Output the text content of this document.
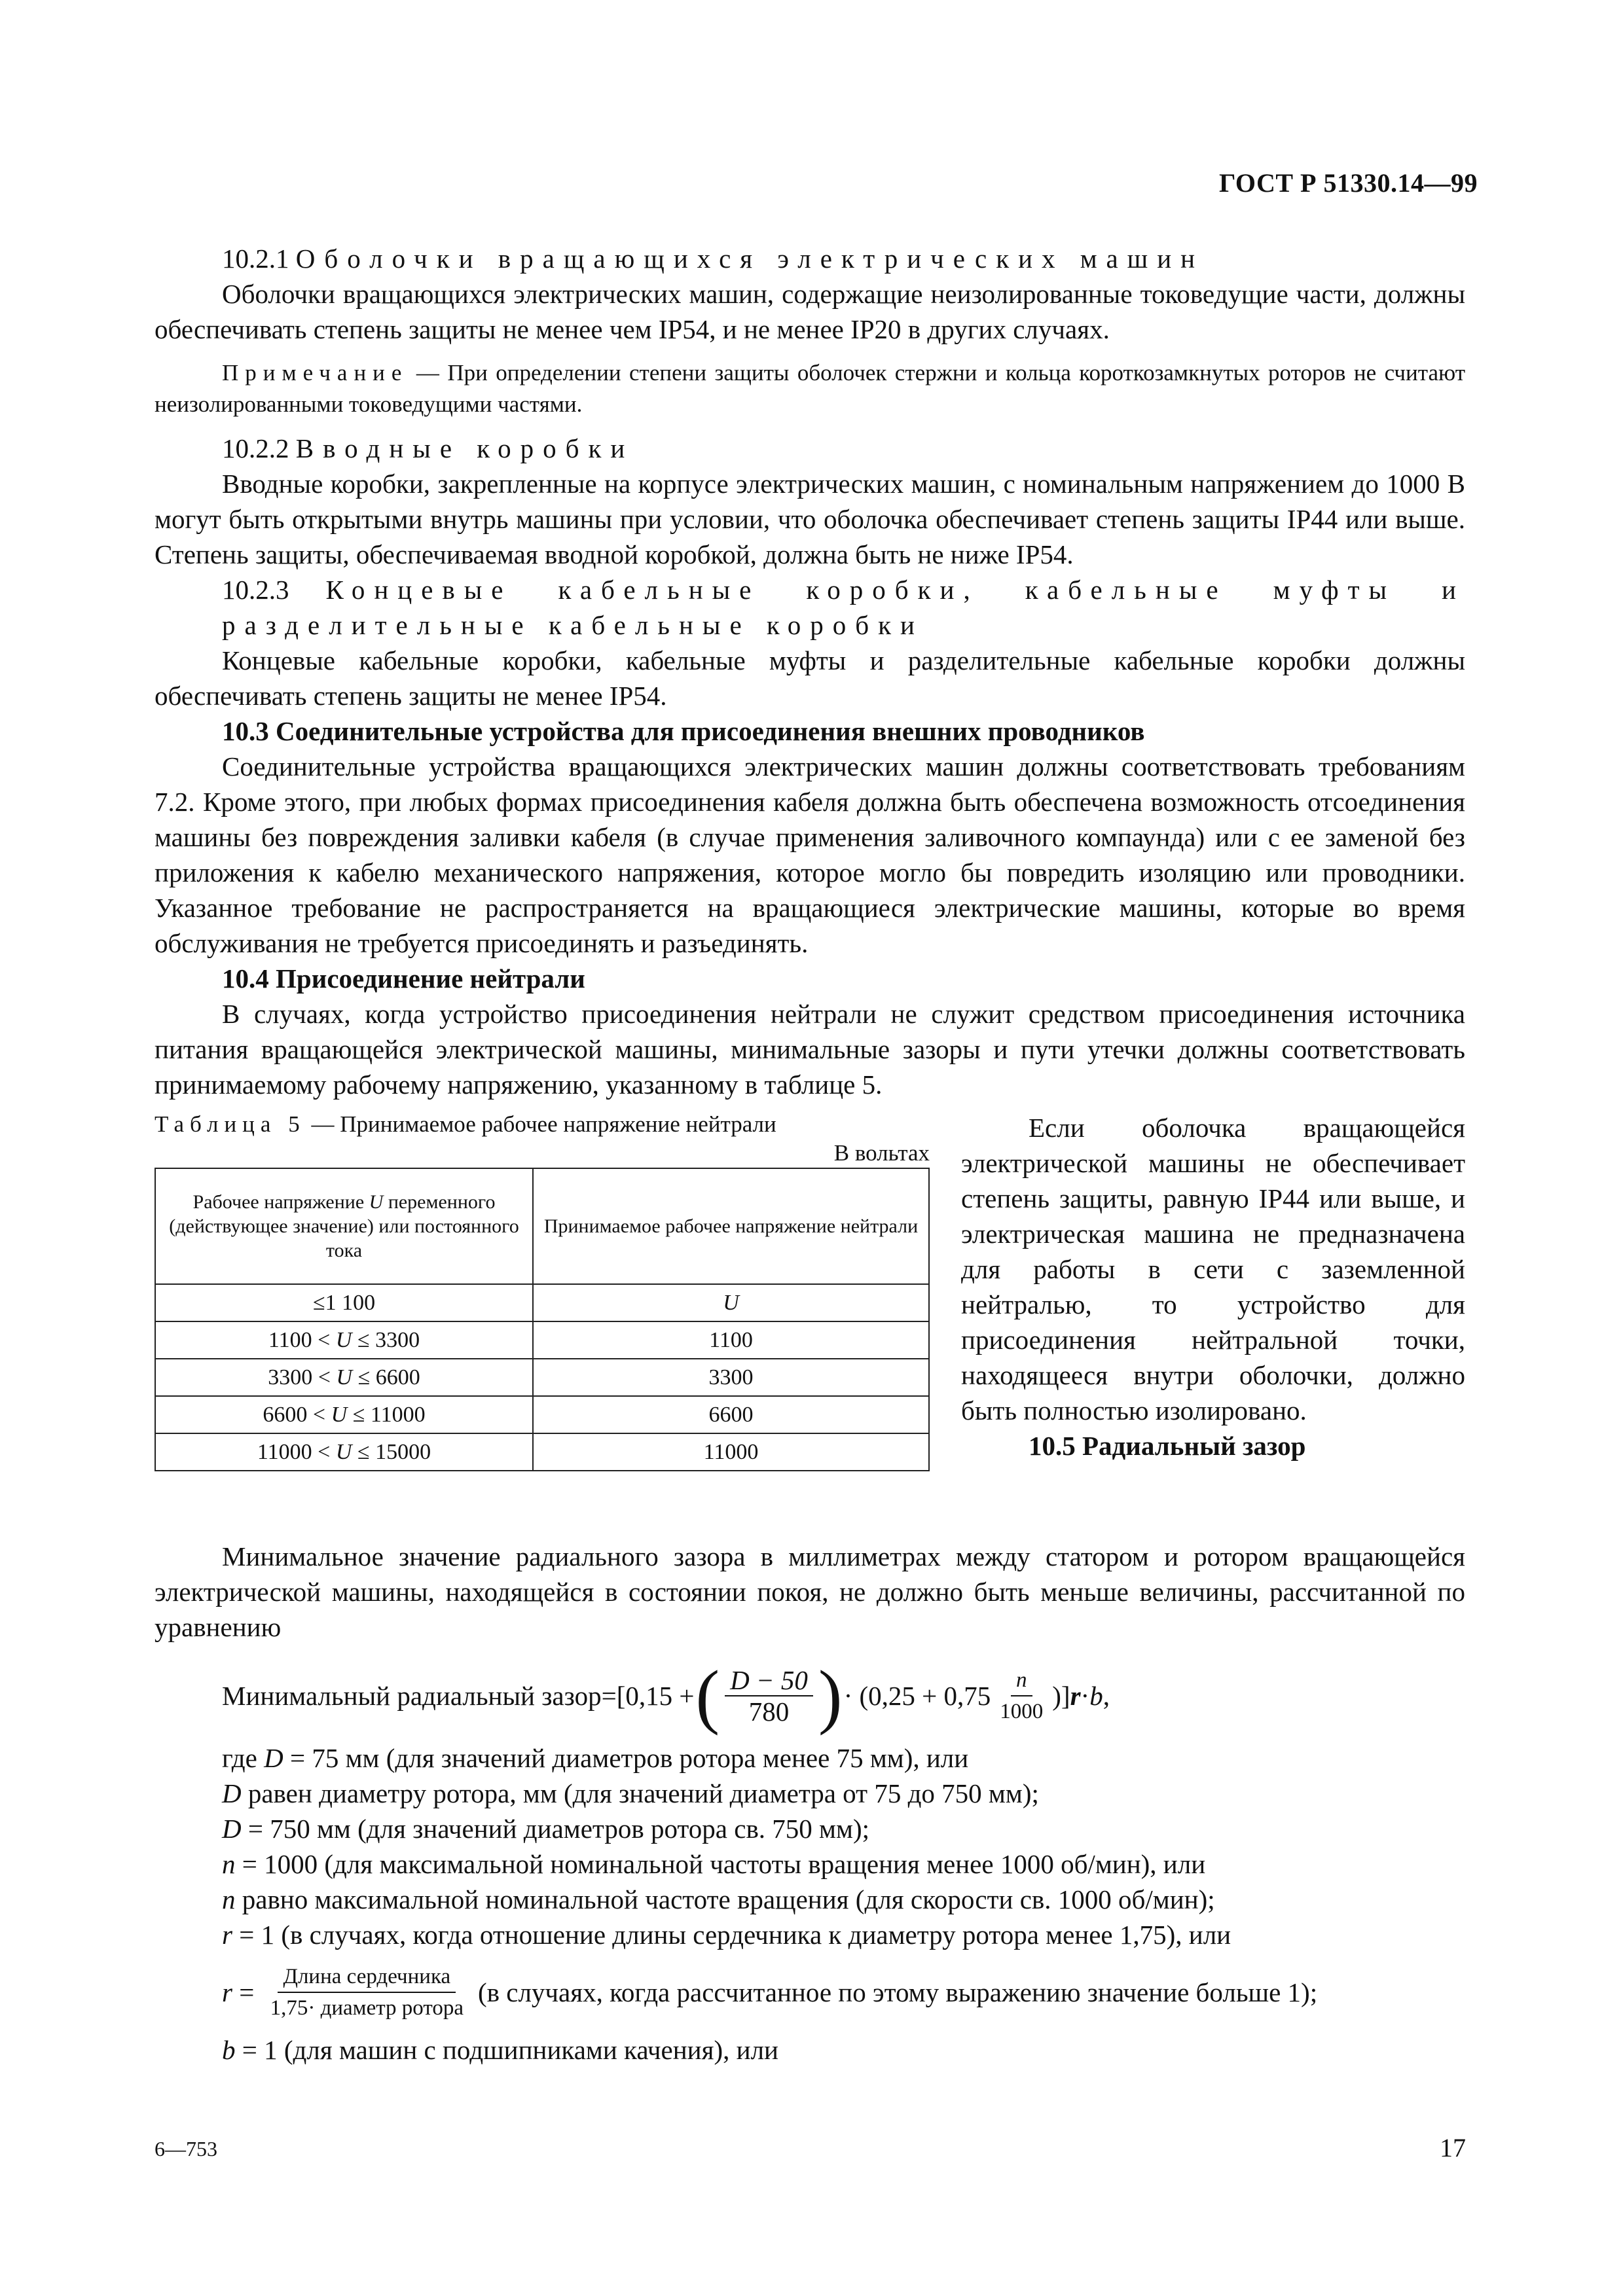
ГОСТ Р 51330.14—99

10.2.1 Оболочки вращающихся электрических машин

Оболочки вращающихся электрических машин, содержащие неизолированные токоведущие части, должны обеспечивать степень защиты не менее чем IP54, и не менее IP20 в других случаях.

Примечание — При определении степени защиты оболочек стержни и кольца короткозамкнутых роторов не считают неизолированными токоведущими частями.

10.2.2 Вводные коробки

Вводные коробки, закрепленные на корпусе электрических машин, с номинальным напряжением до 1000 В могут быть открытыми внутрь машины при условии, что оболочка обеспечивает степень защиты IP44 или выше. Степень защиты, обеспечиваемая вводной коробкой, должна быть не ниже IP54.

10.2.3 Концевые кабельные коробки, кабельные муфты и разделительные кабельные коробки

Концевые кабельные коробки, кабельные муфты и разделительные кабельные коробки должны обеспечивать степень защиты не менее IP54.

10.3 Соединительные устройства для присоединения внешних проводников

Соединительные устройства вращающихся электрических машин должны соответствовать требованиям 7.2. Кроме этого, при любых формах присоединения кабеля должна быть обеспечена возможность отсоединения машины без повреждения заливки кабеля (в случае применения заливочного компаунда) или с ее заменой без приложения к кабелю механического напряжения, которое могло бы повредить изоляцию или проводники. Указанное требование не распространяется на вращающиеся электрические машины, которые во время обслуживания не требуется присоединять и разъединять.

10.4 Присоединение нейтрали

В случаях, когда устройство присоединения нейтрали не служит средством присоединения источника питания вращающейся электрической машины, минимальные зазоры и пути утечки должны соответствовать принимаемому рабочему напряжению, указанному в таблице 5.

Таблица 5 — Принимаемое рабочее напряжение нейтрали
В вольтах
Рабочее напряжение U переменного (действующее значение) или постоянного тока	Принимаемое рабочее напряжение нейтрали
≤1 100	U
1100 < U ≤ 3300	1100
3300 < U ≤ 6600	3300
6600 < U ≤ 11000	6600
11000 < U ≤ 15000	11000

Если оболочка вращающейся электрической машины не обеспечивает степень защиты, равную IP44 или выше, и электрическая машина не предназначена для работы в сети с заземленной нейтралью, то устройство для присоединения нейтральной точки, находящееся внутри оболочки, должно быть полностью изолировано.

10.5 Радиальный зазор

Минимальное значение радиального зазора в миллиметрах между статором и ротором вращающейся электрической машины, находящейся в состоянии покоя, не должно быть меньше величины, рассчитанной по уравнению

Минимальный радиальный зазор =[0,15 + ( $\frac{D - 50}{780}$ ) · ($0,25 + 0,75 \frac{n}{1000}$ )] r · b ,
где D = 75 мм (для значений диаметров ротора менее 75 мм), или
D равен диаметру ротора, мм (для значений диаметра от 75 до 750 мм);
D = 750 мм (для значений диаметров ротора св. 750 мм);
n = 1000 (для максимальной номинальной частоты вращения менее 1000 об/мин), или
n равно максимальной номинальной частоте вращения (для скорости св. 1000 об/мин);
r = 1 (в случаях, когда отношение длины сердечника к диаметру ротора менее 1,75), или
$r = \frac{\text{Длина сердечника}}{\text{1,75· диаметр ротора}} (в$ случаях, когда рассчитанное по этому выражению значение больше 1);
b = 1 (для машин с подшипниками качения), или
6—753	17
